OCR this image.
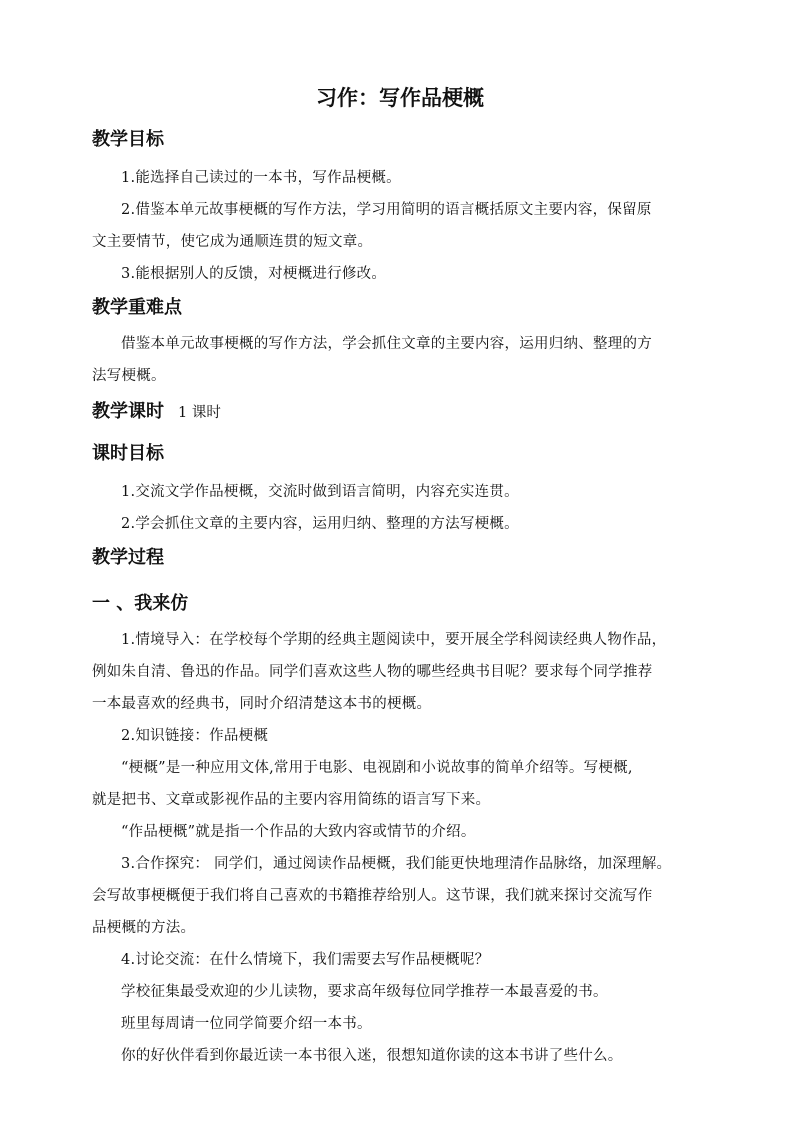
习作：写作品梗概
教学目标

1.能选择自己读过的一本书，写作品梗概。

2.借鉴本单元故事梗概的写作方法，学习用简明的语言概括原文主要内容，保留原

文主要情节，使它成为通顺连贯的短文章。

3.能根据别人的反馈，对梗概进行修改。

教学重难点

借鉴本单元故事梗概的写作方法，学会抓住文章的主要内容，运用归纳、整理的方

法写梗概。

教学课时 1 课时
课时目标

1.交流文学作品梗概，交流时做到语言简明，内容充实连贯。

2.学会抓住文章的主要内容，运用归纳、整理的方法写梗概。

教学过程
一 、我来仿

1.情境导入：在学校每个学期的经典主题阅读中，要开展全学科阅读经典人物作品，

例如朱自清、鲁迅的作品。同学们喜欢这些人物的哪些经典书目呢？要求每个同学推荐

一本最喜欢的经典书，同时介绍清楚这本书的梗概。

2.知识链接：作品梗概

“梗概”是一种应用文体,常用于电影、电视剧和小说故事的简单介绍等。写梗概,

就是把书、文章或影视作品的主要内容用简练的语言写下来。

“作品梗概”就是指一个作品的大致内容或情节的介绍。

3.合作探究： 同学们，通过阅读作品梗概，我们能更快地理清作品脉络，加深理解。

会写故事梗概便于我们将自己喜欢的书籍推荐给别人。这节课，我们就来探讨交流写作

品梗概的方法。

4.讨论交流：在什么情境下，我们需要去写作品梗概呢？

学校征集最受欢迎的少儿读物，要求高年级每位同学推荐一本最喜爱的书。

班里每周请一位同学简要介绍一本书。

你的好伙伴看到你最近读一本书很入迷，很想知道你读的这本书讲了些什么。
